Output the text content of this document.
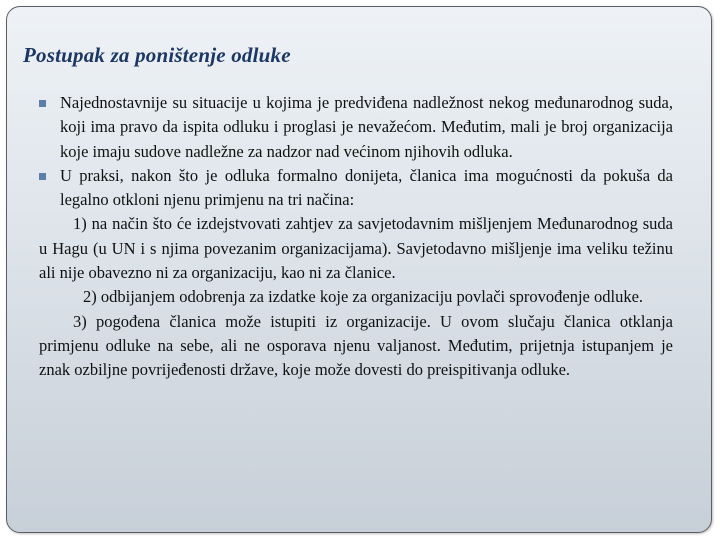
Postupak za poništenje odluke
Najednostavnije su situacije u kojima je predviđena nadležnost nekog međunarodnog suda, koji ima pravo da ispita odluku i proglasi je nevažećom. Međutim, mali je broj organizacija koje imaju sudove nadležne za nadzor nad većinom njihovih odluka.
U praksi, nakon što je odluka formalno donijeta, članica ima mogućnosti da pokuša da legalno otkloni njenu primjenu na tri načina:
1) na način što će izdejstvovati zahtjev za savjetodavnim mišljenjem Međunarodnog suda u Hagu (u UN i s njima povezanim organizacijama). Savjetodavno mišljenje ima veliku težinu ali nije obavezno ni za organizaciju, kao ni za članice.
2) odbijanjem odobrenja za izdatke koje za organizaciju povlači sprovođenje odluke.
3) pogođena članica može istupiti iz organizacije. U ovom slučaju članica otklanja primjenu odluke na sebe, ali ne osporava njenu valjanost. Međutim, prijetnja istupanjem je znak ozbiljne povrijeđenosti države, koje može dovesti do preispitivanja odluke.
